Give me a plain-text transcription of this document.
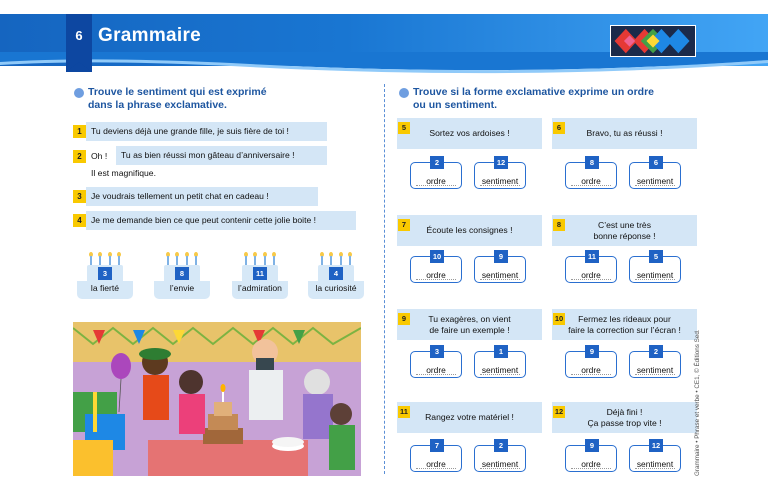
6 Grammaire
Trouve le sentiment qui est exprimé
dans la phrase exclamative.
1	Tu deviens déjà une grande fille, je suis fière de toi !
2	Oh !	Tu as bien réussi mon gâteau d’anniversaire !
Il est magnifique.
3	Je voudrais tellement un petit chat en cadeau !
4	Je me demande bien ce que peut contenir cette jolie boite !
3
la fierté
8
l’envie
11
l’admiration
4
la curiosité
Trouve si la forme exclamative exprime un ordre
ou un sentiment.
5
Sortez vos ardoises !
2
ordre
12
sentiment
6
Bravo, tu as réussi !
8
ordre
6
sentiment
7
Écoute les consignes !
10
ordre
9
sentiment
8	C’est une très
bonne réponse !
11
ordre
5
sentiment
9	Tu exagères, on vient
de faire un exemple !
3
ordre
1
sentiment
10	Fermez les rideaux pour
faire la correction sur l’écran !
9
ordre
2
sentiment
11
Rangez votre matériel !
7
ordre
2
sentiment
12	Déjà fini !
Ça passe trop vite !
9
ordre
12
sentiment	Grammaire • Phrase et verbe • CE1, © Éditions Sed.
